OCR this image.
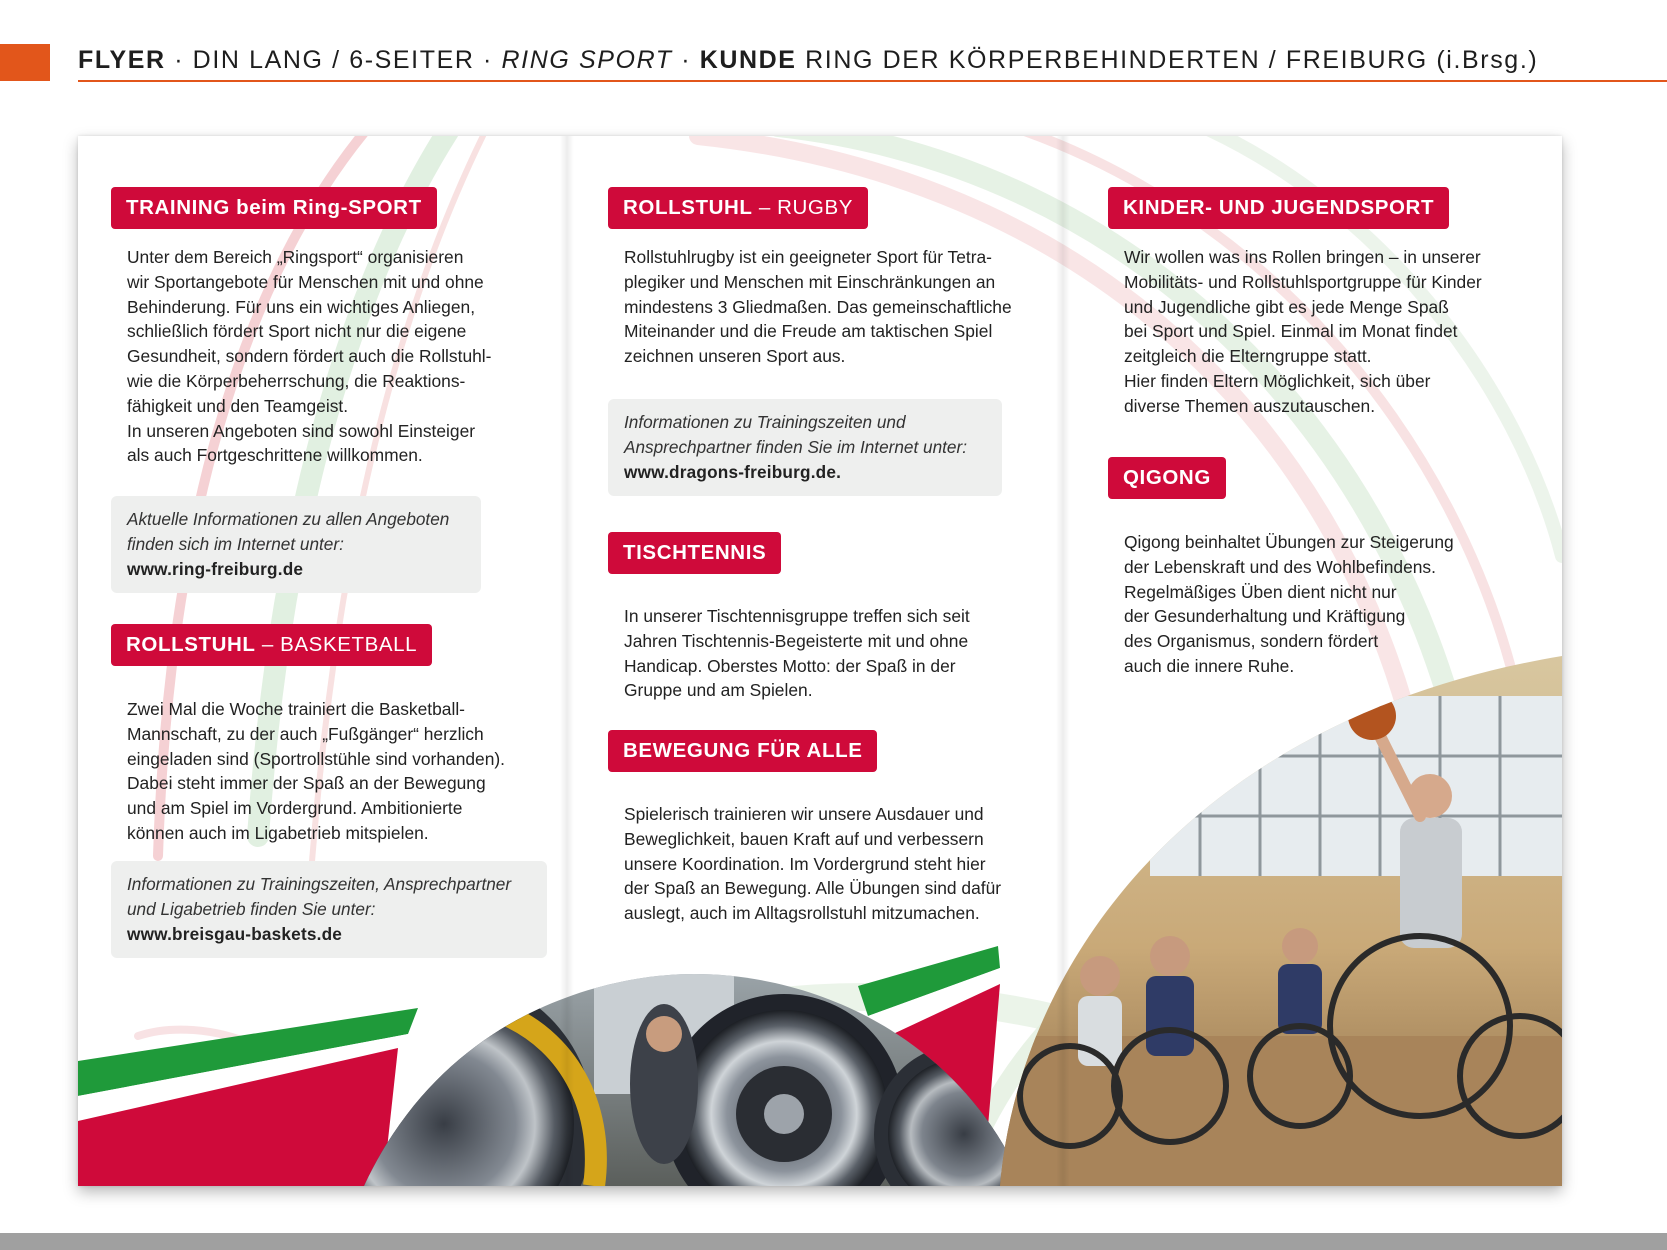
FLYER · DIN LANG / 6-SEITER · RING SPORT · KUNDE RING DER KÖRPERBEHINDERTEN / FREIBURG (i.Brsg.)
TRAINING beim Ring-SPORT
Unter dem Bereich „Ringsport“ organisieren
wir Sportangebote für Menschen mit und ohne
Behinderung. Für uns ein wichtiges Anliegen,
schließlich fördert Sport nicht nur die eigene
Gesundheit, sondern fördert auch die Rollstuhl-
wie die Körperbeherrschung, die Reaktions-
fähigkeit und den Teamgeist.
In unseren Angeboten sind sowohl Einsteiger
als auch Fortgeschrittene willkommen.
Aktuelle Informationen zu allen Angeboten
finden sich im Internet unter:
www.ring-freiburg.de
ROLLSTUHL – BASKETBALL
Zwei Mal die Woche trainiert die Basketball-
Mannschaft, zu der auch „Fußgänger“ herzlich
eingeladen sind (Sportrollstühle sind vorhanden).
Dabei steht immer der Spaß an der Bewegung
und am Spiel im Vordergrund. Ambitionierte
können auch im Ligabetrieb mitspielen.
Informationen zu Trainingszeiten, Ansprechpartner
und Ligabetrieb finden Sie unter:
www.breisgau-baskets.de
ROLLSTUHL – RUGBY
Rollstuhlrugby ist ein geeigneter Sport für Tetra-
plegiker und Menschen mit Einschränkungen an
mindestens 3 Gliedmaßen. Das gemeinschaftliche
Miteinander und die Freude am taktischen Spiel
zeichnen unseren Sport aus.
Informationen zu Trainingszeiten und
Ansprechpartner finden Sie im Internet unter:
www.dragons-freiburg.de.
TISCHTENNIS
In unserer Tischtennisgruppe treffen sich seit
Jahren Tischtennis-Begeisterte mit und ohne
Handicap. Oberstes Motto: der Spaß in der
Gruppe und am Spielen.
BEWEGUNG FÜR ALLE
Spielerisch trainieren wir unsere Ausdauer und
Beweglichkeit, bauen Kraft auf und verbessern
unsere Koordination. Im Vordergrund steht hier
der Spaß an Bewegung. Alle Übungen sind dafür
auslegt, auch im Alltagsrollstuhl mitzumachen.
KINDER- UND JUGENDSPORT
Wir wollen was ins Rollen bringen – in unserer
Mobilitäts- und Rollstuhlsportgruppe für Kinder
und Jugendliche gibt es jede Menge Spaß
bei Sport und Spiel. Einmal im Monat findet
zeitgleich die Elterngruppe statt.
Hier finden Eltern Möglichkeit, sich über
diverse Themen auszutauschen.
QIGONG
Qigong beinhaltet Übungen zur Steigerung
der Lebenskraft und des Wohlbefindens.
Regelmäßiges Üben dient nicht nur
der Gesunderhaltung und Kräftigung
des Organismus, sondern fördert
auch die innere Ruhe.
